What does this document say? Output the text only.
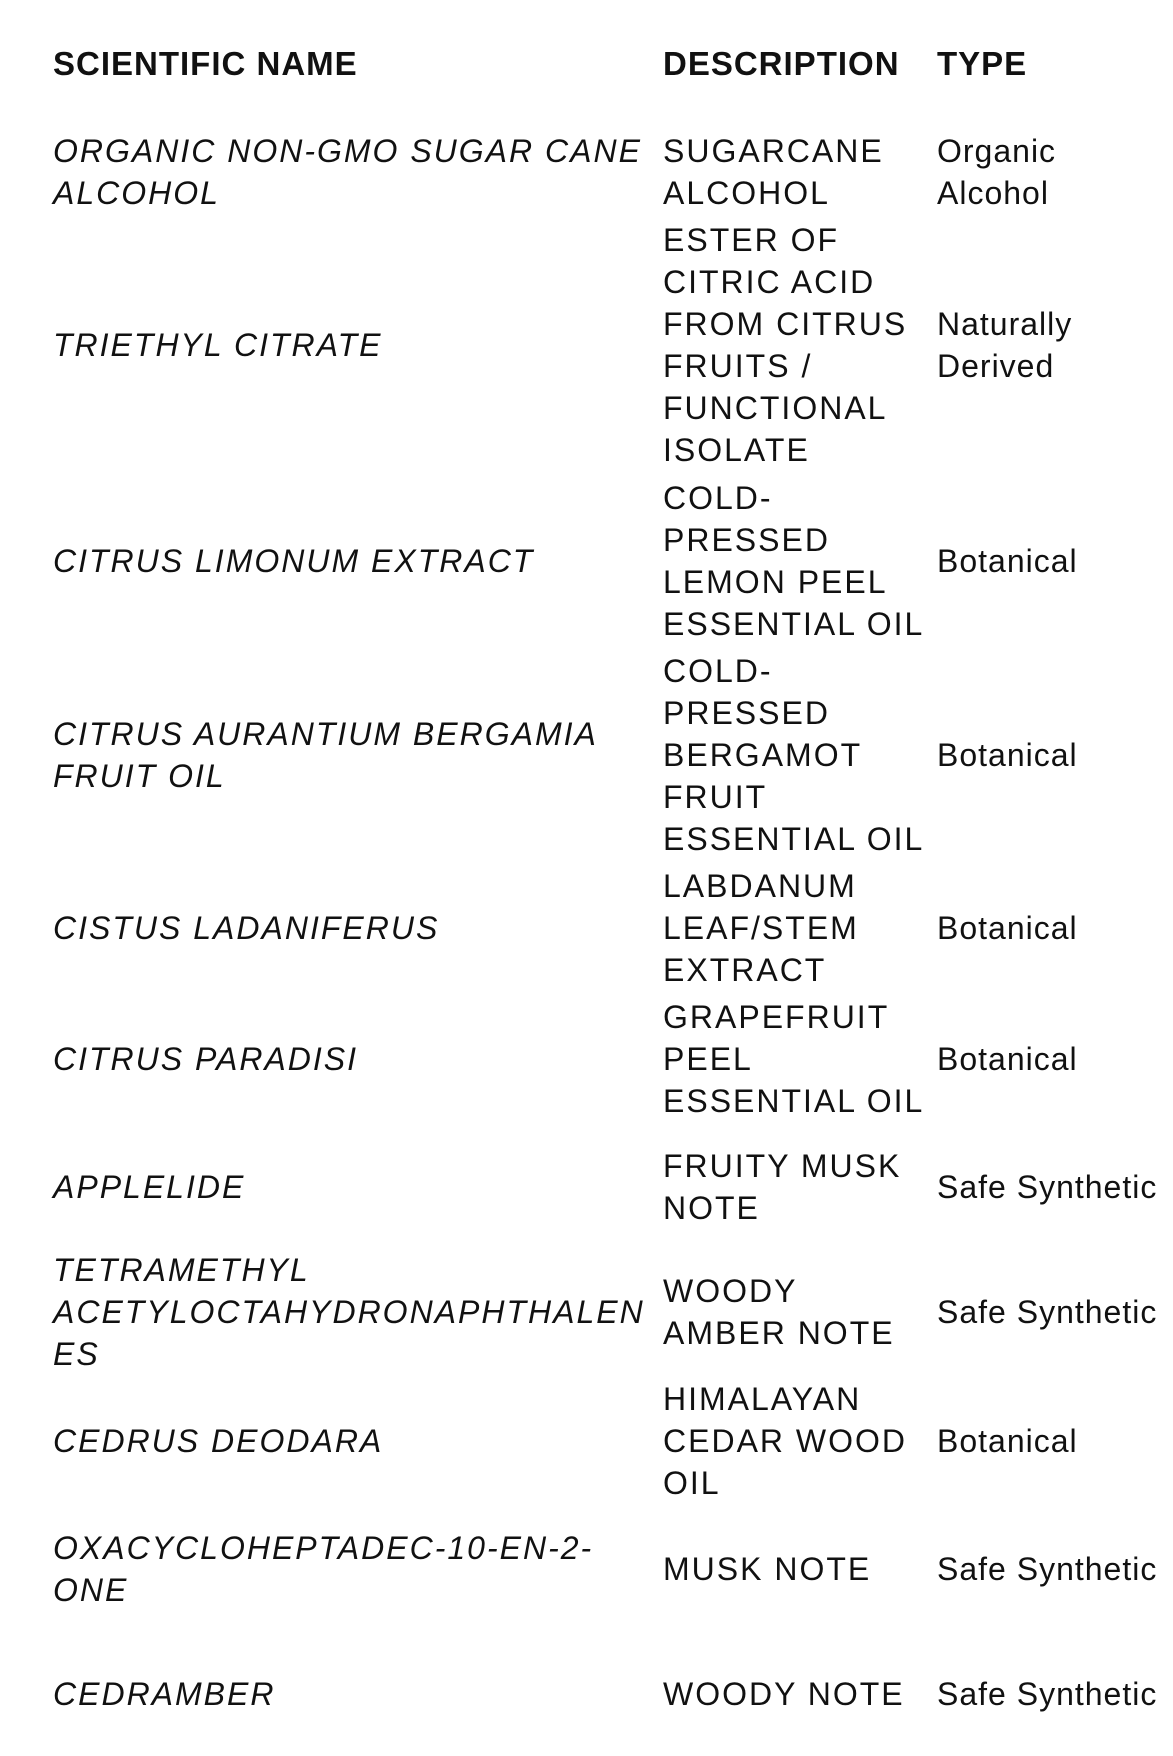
SCIENTIFIC NAME	DESCRIPTION	TYPE
ORGANIC NON-GMO SUGAR CANE ALCOHOL	SUGARCANE ALCOHOL	Organic Alcohol
TRIETHYL CITRATE	ESTER OF CITRIC ACID FROM CITRUS FRUITS / FUNCTIONAL ISOLATE	Naturally Derived
CITRUS LIMONUM EXTRACT	COLD-PRESSED LEMON PEEL ESSENTIAL OIL	Botanical
CITRUS AURANTIUM BERGAMIA FRUIT OIL	COLD-PRESSED BERGAMOT FRUIT ESSENTIAL OIL	Botanical
CISTUS LADANIFERUS	LABDANUM LEAF/STEM EXTRACT	Botanical
CITRUS PARADISI	GRAPEFRUIT PEEL ESSENTIAL OIL	Botanical
APPLELIDE	FRUITY MUSK NOTE	Safe Synthetic
TETRAMETHYL ACETYLOCTAHYDRONAPHTHALENES	WOODY AMBER NOTE	Safe Synthetic
CEDRUS DEODARA	HIMALAYAN CEDAR WOOD OIL	Botanical
OXACYCLOHEPTADEC-10-EN-2-ONE	MUSK NOTE	Safe Synthetic
CEDRAMBER	WOODY NOTE	Safe Synthetic
